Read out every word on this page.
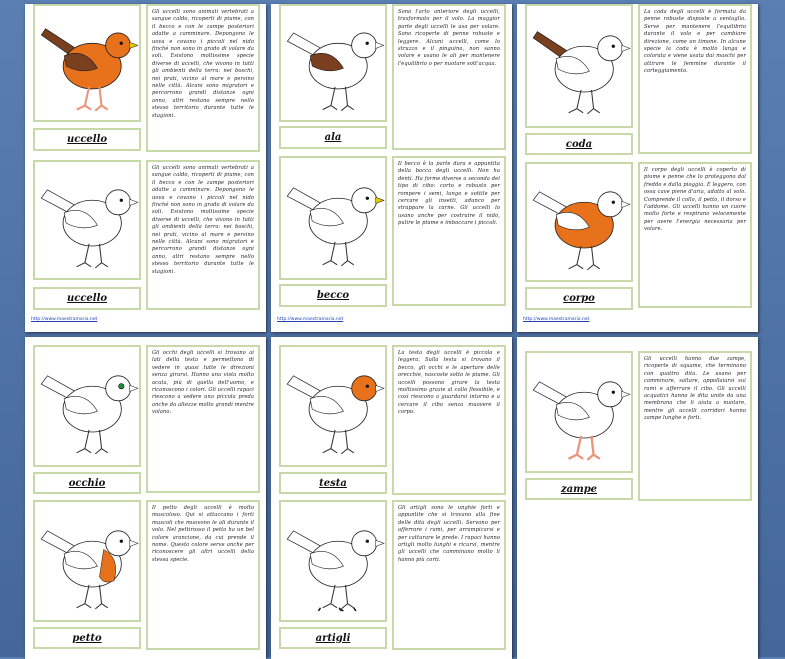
Gli uccelli sono animali vertebrati a sangue caldo, ricoperti di piume, con il becco e con le zampe posteriori adatte a camminare. Depongono le uova e covano i piccoli nel nido finché non sono in grado di volare da soli. Esistono moltissime specie diverse di uccelli, che vivono in tutti gli ambienti della terra: nei boschi, nei prati, vicino al mare e persino nelle città. Alcuni sono migratori e percorrono grandi distanze ogni anno, altri restano sempre nello stesso territorio durante tutte le stagioni.
uccello
Gli uccelli sono animali vertebrati a sangue caldo, ricoperti di piume, con il becco e con le zampe posteriori adatte a camminare. Depongono le uova e covano i piccoli nel nido finché non sono in grado di volare da soli. Esistono moltissime specie diverse di uccelli, che vivono in tutti gli ambienti della terra: nei boschi, nei prati, vicino al mare e persino nelle città. Alcuni sono migratori e percorrono grandi distanze ogni anno, altri restano sempre nello stesso territorio durante tutte le stagioni.
uccello
http://www.maestramaria.net
Sono l'arto anteriore degli uccelli, trasformato per il volo. La maggior parte degli uccelli le usa per volare. Sono ricoperte di penne robuste e leggere. Alcuni uccelli, come lo struzzo e il pinguino, non sanno volare e usano le ali per mantenere l'equilibrio o per nuotare sott'acqua.
ala
Il becco è la parte dura e appuntita della bocca degli uccelli. Non ha denti. Ha forme diverse a seconda del tipo di cibo: corto e robusto per rompere i semi, lungo e sottile per cercare gli insetti, adunco per strappare la carne. Gli uccelli lo usano anche per costruire il nido, pulire le piume e imboccare i piccoli.
becco
http://www.maestramaria.net
La coda degli uccelli è formata da penne robuste disposte a ventaglio. Serve per mantenere l'equilibrio durante il volo e per cambiare direzione, come un timone. In alcune specie la coda è molto lunga e colorata e viene usata dai maschi per attirare le femmine durante il corteggiamento.
coda
Il corpo degli uccelli è coperto di piume e penne che lo proteggono dal freddo e dalla pioggia. È leggero, con ossa cave piene d'aria, adatto al volo. Comprende il collo, il petto, il dorso e l'addome. Gli uccelli hanno un cuore molto forte e respirano velocemente per avere l'energia necessaria per volare.
corpo
http://www.maestramaria.net
Gli occhi degli uccelli si trovano ai lati della testa e permettono di vedere in quasi tutte le direzioni senza girarsi. Hanno una vista molto acuta, più di quella dell'uomo, e riconoscono i colori. Gli uccelli rapaci riescono a vedere una piccola preda anche da altezze molto grandi mentre volano.
occhio
Il petto degli uccelli è molto muscoloso. Qui si attaccano i forti muscoli che muovono le ali durante il volo. Nel pettirosso il petto ha un bel colore arancione, da cui prende il nome. Questo colore serve anche per riconoscere gli altri uccelli della stessa specie.
petto
La testa degli uccelli è piccola e leggera. Sulla testa si trovano il becco, gli occhi e le aperture delle orecchie, nascoste sotto le piume. Gli uccelli possono girare la testa moltissimo grazie al collo flessibile, e così riescono a guardarsi intorno e a cercare il cibo senza muovere il corpo.
testa
Gli artigli sono le unghie forti e appuntite che si trovano alla fine delle dita degli uccelli. Servono per afferrare i rami, per arrampicarsi e per catturare le prede. I rapaci hanno artigli molto lunghi e ricurvi, mentre gli uccelli che camminano molto li hanno più corti.
artigli
Gli uccelli hanno due zampe, ricoperte di squame, che terminano con quattro dita. Le usano per camminare, saltare, appollaiarsi sui rami e afferrare il cibo. Gli uccelli acquatici hanno le dita unite da una membrana che li aiuta a nuotare, mentre gli uccelli corridori hanno zampe lunghe e forti.
zampe
